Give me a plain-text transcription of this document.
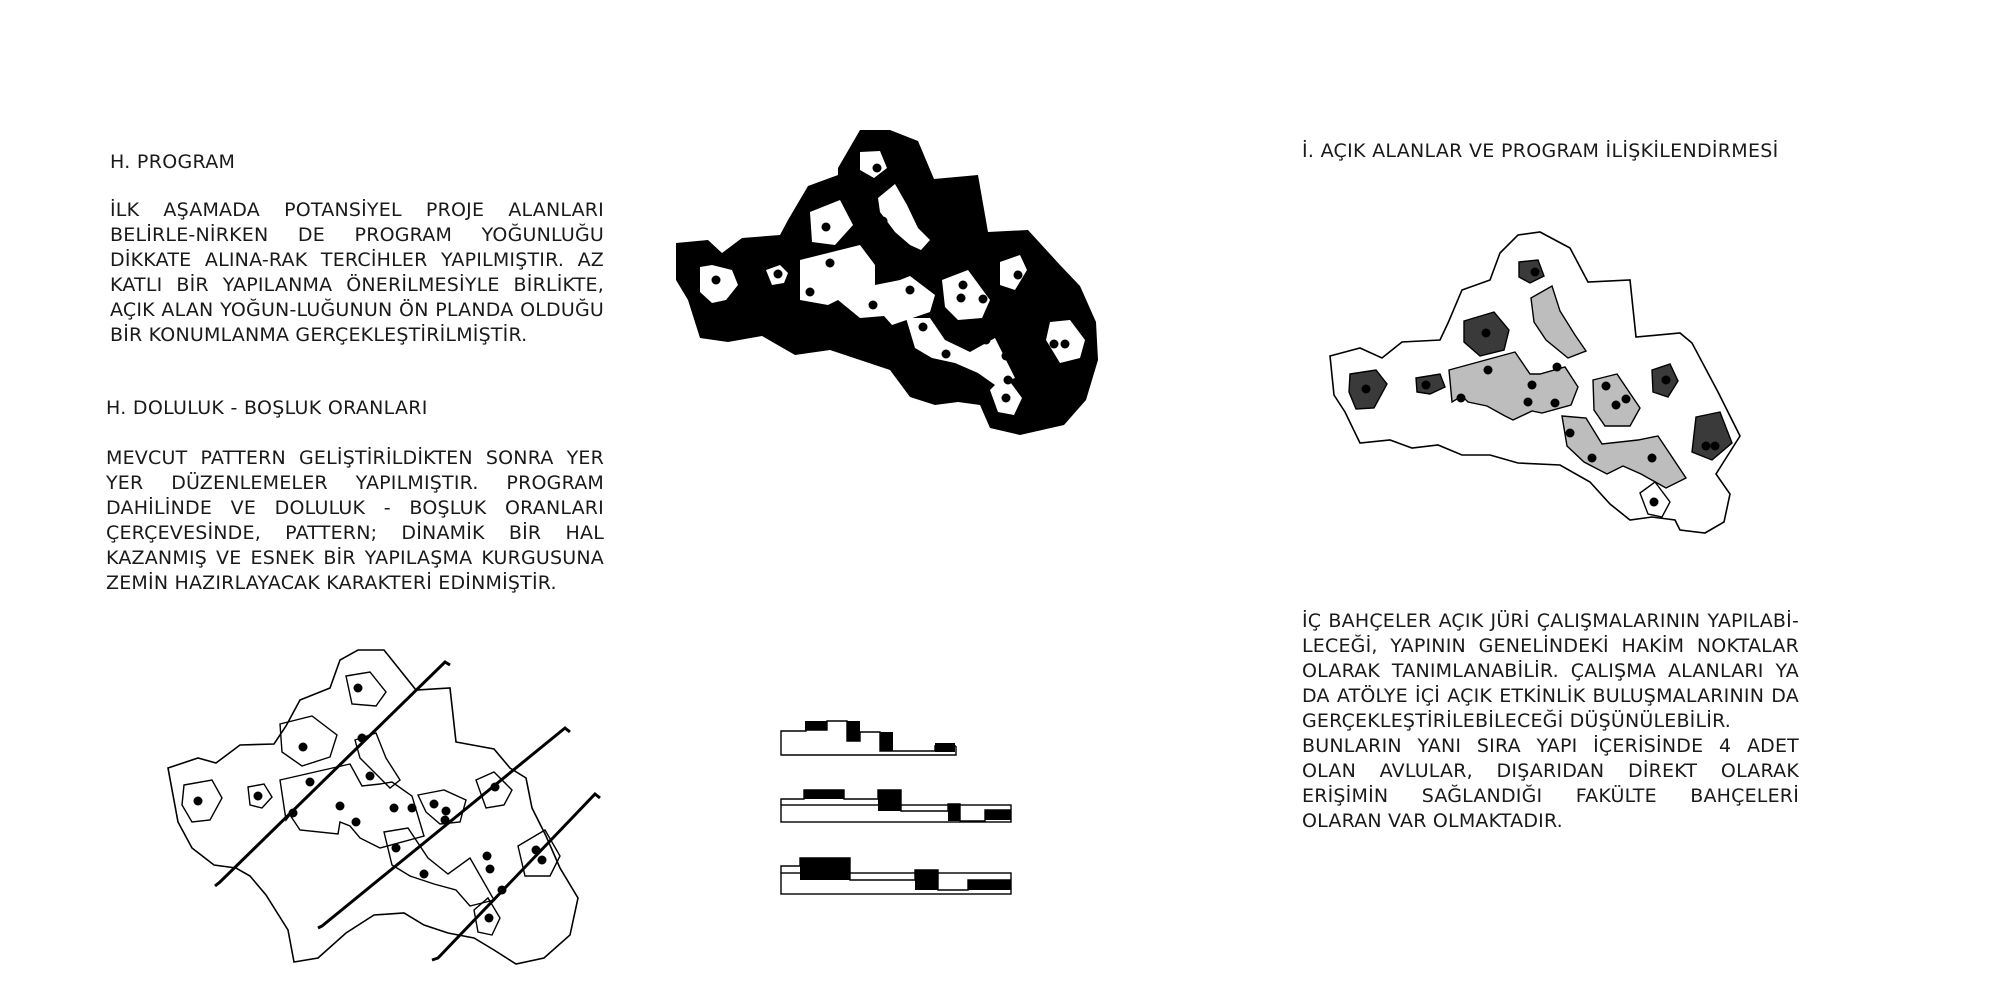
H. PROGRAM

İLK AŞAMADA POTANSİYEL PROJE ALANLARI BELİRLE-NİRKEN DE PROGRAM YOĞUNLUĞU DİKKATE ALINA-RAK TERCİHLER YAPILMIŞTIR. AZ KATLI BİR YAPILANMA ÖNERİLMESİYLE BİRLİKTE, AÇIK ALAN YOĞUN-LUĞUNUN ÖN PLANDA OLDUĞU BİR KONUMLANMA GERÇEKLEŞTİRİLMİŞTİR.

H. DOLULUK - BOŞLUK ORANLARI

MEVCUT PATTERN GELİŞTİRİLDİKTEN SONRA YER YER DÜZENLEMELER YAPILMIŞTIR. PROGRAM DAHİLİNDE VE DOLULUK - BOŞLUK ORANLARI ÇERÇEVESİNDE, PATTERN; DİNAMİK BİR HAL KAZANMIŞ VE ESNEK BİR YAPILAŞMA KURGUSUNA ZEMİN HAZIRLAYACAK KARAKTERİ EDİNMİŞTİR.

İ. AÇIK ALANLAR VE PROGRAM İLİŞKİLENDİRMESİ

İÇ BAHÇELER AÇIK JÜRİ ÇALIŞMALARININ YAPILABİ-LECEĞİ, YAPININ GENELİNDEKİ HAKİM NOKTALAR OLARAK TANIMLANABİLİR. ÇALIŞMA ALANLARI YA DA ATÖLYE İÇİ AÇIK ETKİNLİK BULUŞMALARININ DA GERÇEKLEŞTİRİLEBİLECEĞİ DÜŞÜNÜLEBİLİR.

BUNLARIN YANI SIRA YAPI İÇERİSİNDE 4 ADET OLAN AVLULAR, DIŞARIDAN DİREKT OLARAK ERİŞİMİN SAĞLANDIĞI FAKÜLTE BAHÇELERİ OLARAN VAR OLMAKTADIR.
